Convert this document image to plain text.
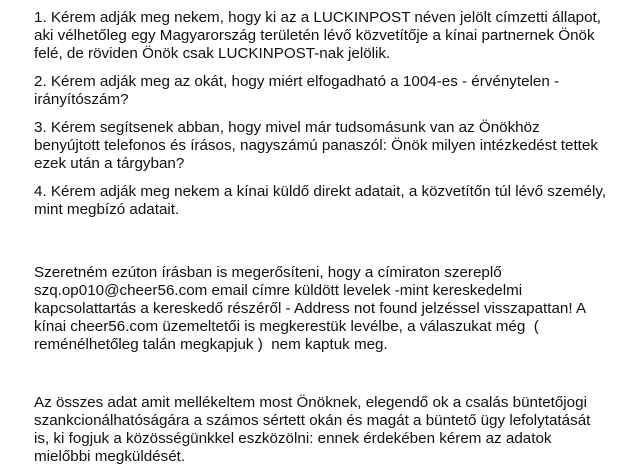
1. Kérem adják meg nekem, hogy ki az a LUCKINPOST néven jelölt címzetti állapot,
aki vélhetőleg egy Magyarország területén lévő közvetítője a kínai partnernek Önök
felé, de röviden Önök csak LUCKINPOST-nak jelölik.

2. Kérem adják meg az okát, hogy miért elfogadható a 1004-es - érvénytelen -
irányítószám?

3. Kérem segítsenek abban, hogy mivel már tudsomásunk van az Önökhöz
benyújtott telefonos és írásos, nagyszámú panaszól: Önök milyen intézkedést tettek
ezek után a tárgyban?

4. Kérem adják meg nekem a kínai küldő direkt adatait, a közvetítőn túl lévő személy,
mint megbízó adatait.

Szeretném ezúton írásban is megerősíteni, hogy a címiraton szereplő
szq.op010@cheer56.com email címre küldött levelek -mint kereskedelmi
kapcsolattartás a kereskedő részéről - Address not found jelzéssel visszapattan! A
kínai cheer56.com üzemeltetői is megkerestük levélbe, a válaszukat még  (
reménélhetőleg talán megkapjuk )  nem kaptuk meg.

Az összes adat amit mellékeltem most Önöknek, elegendő ok a csalás büntetőjogi
szankcionálhatóságára a számos sértett okán és magát a büntető ügy lefolytatását
is, ki fogjuk a közösségünkkel eszközölni: ennek érdekében kérem az adatok
mielőbbi megküldését.
